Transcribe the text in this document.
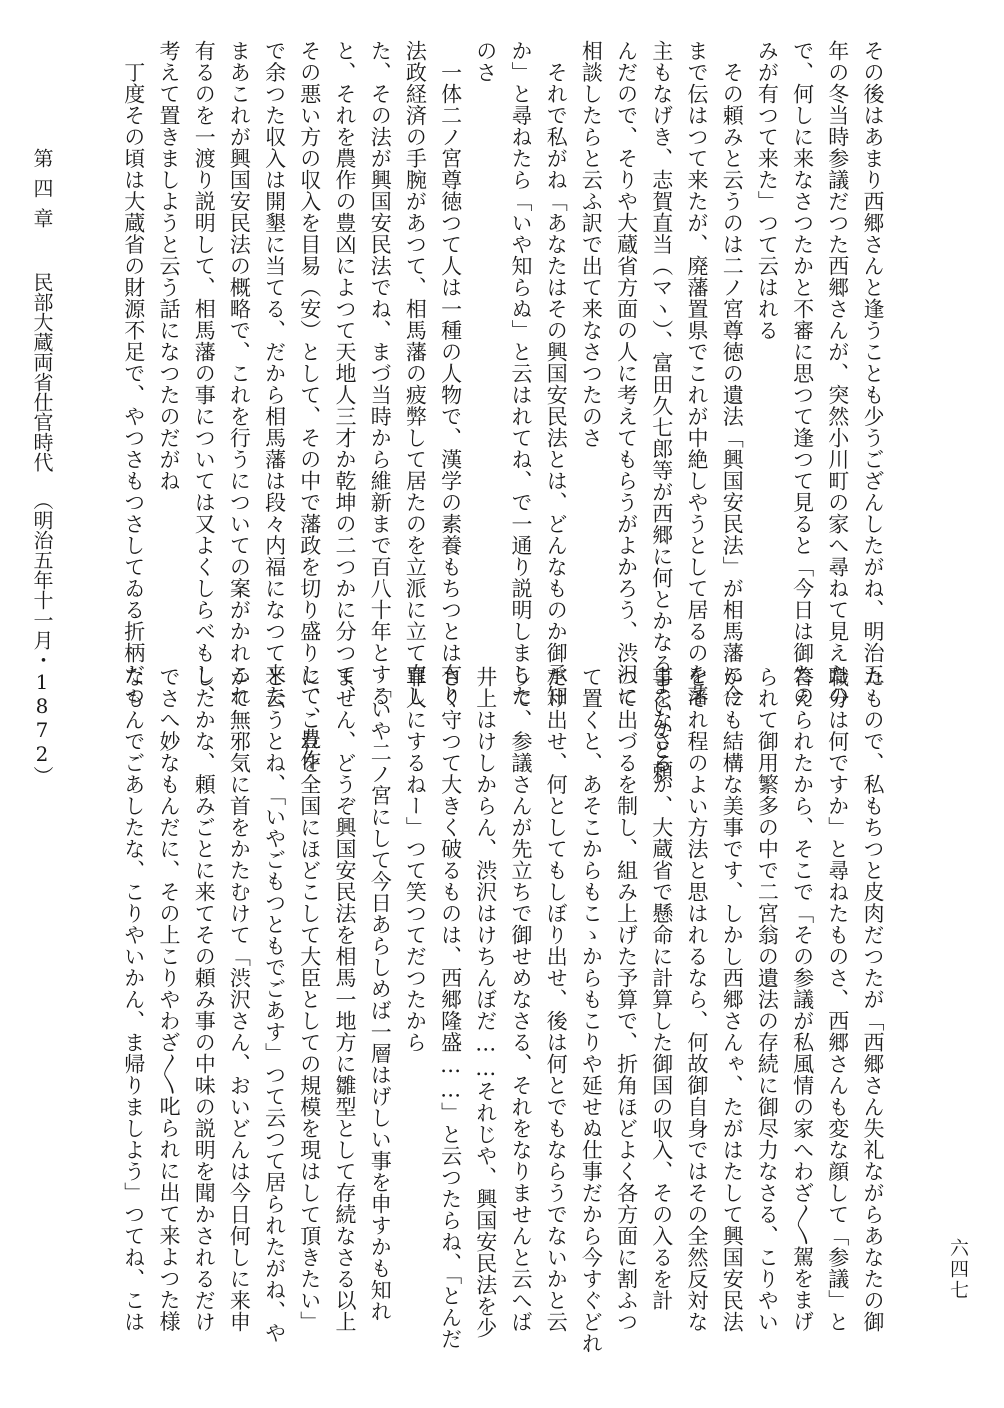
第四章民部大蔵両省仕官時代（明治五年十一月・1872）	その後はあまり西郷さんと逢うことも少うござんしたがね、明治五
年の冬当時参議だつた西郷さんが、突然小川町の家へ尋ねて見えたの
で、何しに来なさつたかと不審に思つて逢つて見ると「今日は御たの
みが有つて来た」つて云はれる
　その頼みと云うのは二ノ宮尊徳の遺法「興国安民法」が相馬藩に今
まで伝はつて来たが、廃藩置県でこれが中絶しやうとして居るのを藩
主もなげき、志賀直当（マヽ）、富田久七郎等が西郷に何とかなるまいかと頼
んだので、そりや大蔵省方面の人に考えてもらうがよかろう、渋沢に
相談したらと云ふ訳で出て来なさつたのさ
　それで私がね「あなたはその興国安民法とは、どんなものか御承知
か」と尋ねたら「いや知らぬ」と云はれてね、で一通り説明しました
のさ
　一体二ノ宮尊徳つて人は一種の人物で、漢学の素養もちつとは有り
法政経済の手腕があつて、相馬藩の疲弊して居たのを立派に立て直し
た、その法が興国安民法でね、まづ当時から維新まで百八十年とする
と、それを農作の豊凶によつて天地人三才か乾坤の二つかに分つて、
その悪い方の収入を目易（安）として、その中で藩政を切り盛りして、豊作
で余つた収入は開墾に当てる、だから相馬藩は段々内福になつて来た
まあこれが興国安民法の概略で、これを行うについての案がかれこれ
有るのを一渡り説明して、相馬藩の事については又よくしらべもし、
考えて置きましようと云う話になつたのだがね
　丁度その頃は大蔵省の財源不足で、やつさもつさしてゐる折柄だつ
たもので、私もちつと皮肉だつたが「西郷さん失礼ながらあなたの御
職分は何ですか」と尋ねたものさ、西郷さんも変な顔して「参議」と
答えられたから、そこで「その参議が私風情の家へわざ〳〵駕をまげ
られて御用繁多の中で二宮翁の遺法の存続に御尽力なさる、こりやい
かにも結構な美事です、しかし西郷さんゃ、たがはたして興国安民法
をそれ程のよい方法と思はれるなら、何故御自身ではその全然反対な
事をなさるか、大蔵省で懸命に計算した御国の収入、その入るを計
つて出づるを制し、組み上げた予算で、折角ほどよく各方面に割ふつ
て置くと、あそこからもこゝからもこりや延せぬ仕事だから今すぐどれ
だけ出せ、何としてもしぼり出せ、後は何とでもならうでないかと云
うて、参議さんが先立ちで御せめなさる、それをなりませんと云へば
井上はけしからん、渋沢はけちんぼだ……それじや、興国安民法を少
さく守つて大きく破るものは、西郷隆盛……」と云つたらね、「とんだ
罪人にするねー」つて笑つてだつたから
　「いや二ノ宮にして今日あらしめば一層はげしい事を申すかも知れ
ません、どうぞ興国安民法を相馬一地方に雛型として存続なさる以上
に、これを全国にほどこして大臣としての規模を現はして頂きたい」
と云うとね、「いやごもつともでごあす」つて云つて居られたがね、や
かて無邪気に首をかたむけて「渋沢さん、おいどんは今日何しに来申
したかな、頼みごとに来てその頼み事の中味の説明を聞かされるだけ
でさへ妙なもんだに、その上こりやわざ〳〵叱られに出て来よつた様
なもんでごあしたな、こりやいかん、ま帰りましよう」つてね、こは	六四七
